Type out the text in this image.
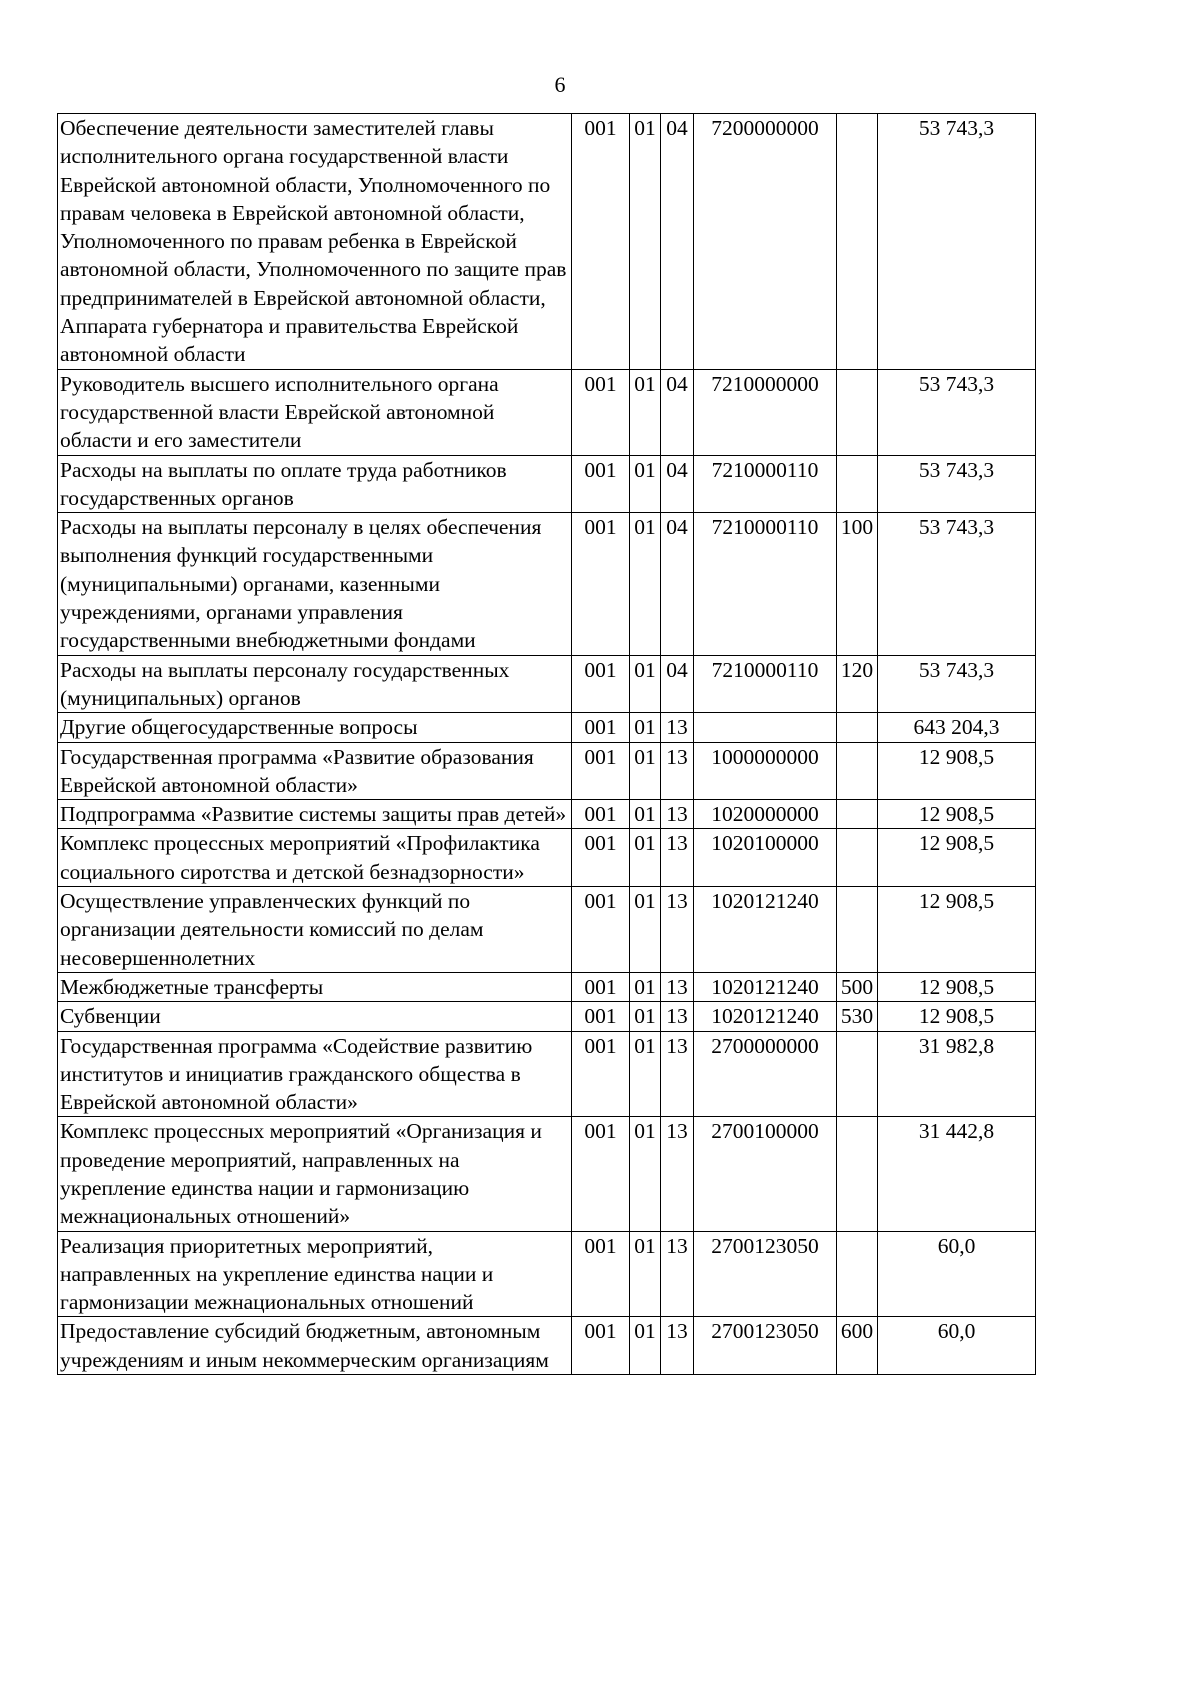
6
Обеспечение деятельности заместителей главы исполнительного органа государственной власти Еврейской автономной области, Уполномоченного по правам человека в Еврейской автономной области, Уполномоченного по правам ребенка в Еврейской автономной области, Уполномоченного по защите прав предпринимателей в Еврейской автономной области, Аппарата губернатора и правительства Еврейской автономной области	001	01	04	7200000000		53 743,3
Руководитель высшего исполнительного органа государственной власти Еврейской автономной области и его заместители	001	01	04	7210000000		53 743,3
Расходы на выплаты по оплате труда работников государственных органов	001	01	04	7210000110		53 743,3
Расходы на выплаты персоналу в целях обеспечения выполнения функций государственными (муниципальными) органами, казенными учреждениями, органами управления государственными внебюджетными фондами	001	01	04	7210000110	100	53 743,3
Расходы на выплаты персоналу государственных (муниципальных) органов	001	01	04	7210000110	120	53 743,3
Другие общегосударственные вопросы	001	01	13			643 204,3
Государственная программа «Развитие образования Еврейской автономной области»	001	01	13	1000000000		12 908,5
Подпрограмма «Развитие системы защиты прав детей»	001	01	13	1020000000		12 908,5
Комплекс процессных мероприятий «Профилактика социального сиротства и детской безнадзорности»	001	01	13	1020100000		12 908,5
Осуществление управленческих функций по организации деятельности комиссий по делам несовершеннолетних	001	01	13	1020121240		12 908,5
Межбюджетные трансферты	001	01	13	1020121240	500	12 908,5
Субвенции	001	01	13	1020121240	530	12 908,5
Государственная программа «Содействие развитию институтов и инициатив гражданского общества в Еврейской автономной области»	001	01	13	2700000000		31 982,8
Комплекс процессных мероприятий «Организация и проведение мероприятий, направленных на укрепление единства нации и гармонизацию межнациональных отношений»	001	01	13	2700100000		31 442,8
Реализация приоритетных мероприятий, направленных на укрепление единства нации и гармонизации межнациональных отношений	001	01	13	2700123050		60,0
Предоставление субсидий бюджетным, автономным учреждениям и иным некоммерческим организациям	001	01	13	2700123050	600	60,0
